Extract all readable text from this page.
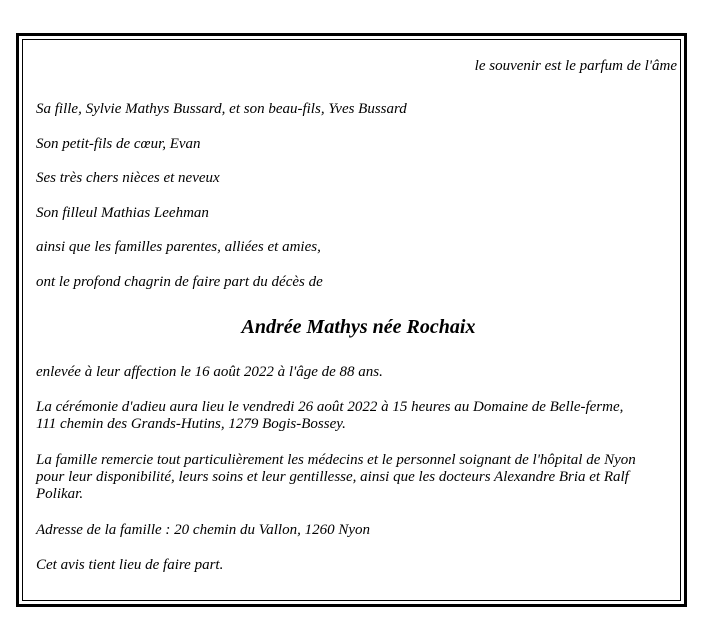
le souvenir est le parfum de l'âme

Sa fille, Sylvie Mathys Bussard, et son beau-fils, Yves Bussard

Son petit-fils de cœur, Evan

Ses très chers nièces et neveux

Son filleul Mathias Leehman

ainsi que les familles parentes, alliées et amies,

ont le profond chagrin de faire part du décès de

Andrée Mathys née Rochaix

enlevée à leur affection le 16 août 2022 à l'âge de 88 ans.

La cérémonie d'adieu aura lieu le vendredi 26 août 2022 à 15 heures au Domaine de Belle-ferme,

111 chemin des Grands-Hutins, 1279 Bogis-Bossey.

La famille remercie tout particulièrement les médecins et le personnel soignant de l'hôpital de Nyon

pour leur disponibilité, leurs soins et leur gentillesse, ainsi que les docteurs Alexandre Bria et Ralf

Polikar.

Adresse de la famille : 20 chemin du Vallon, 1260 Nyon

Cet avis tient lieu de faire part.
